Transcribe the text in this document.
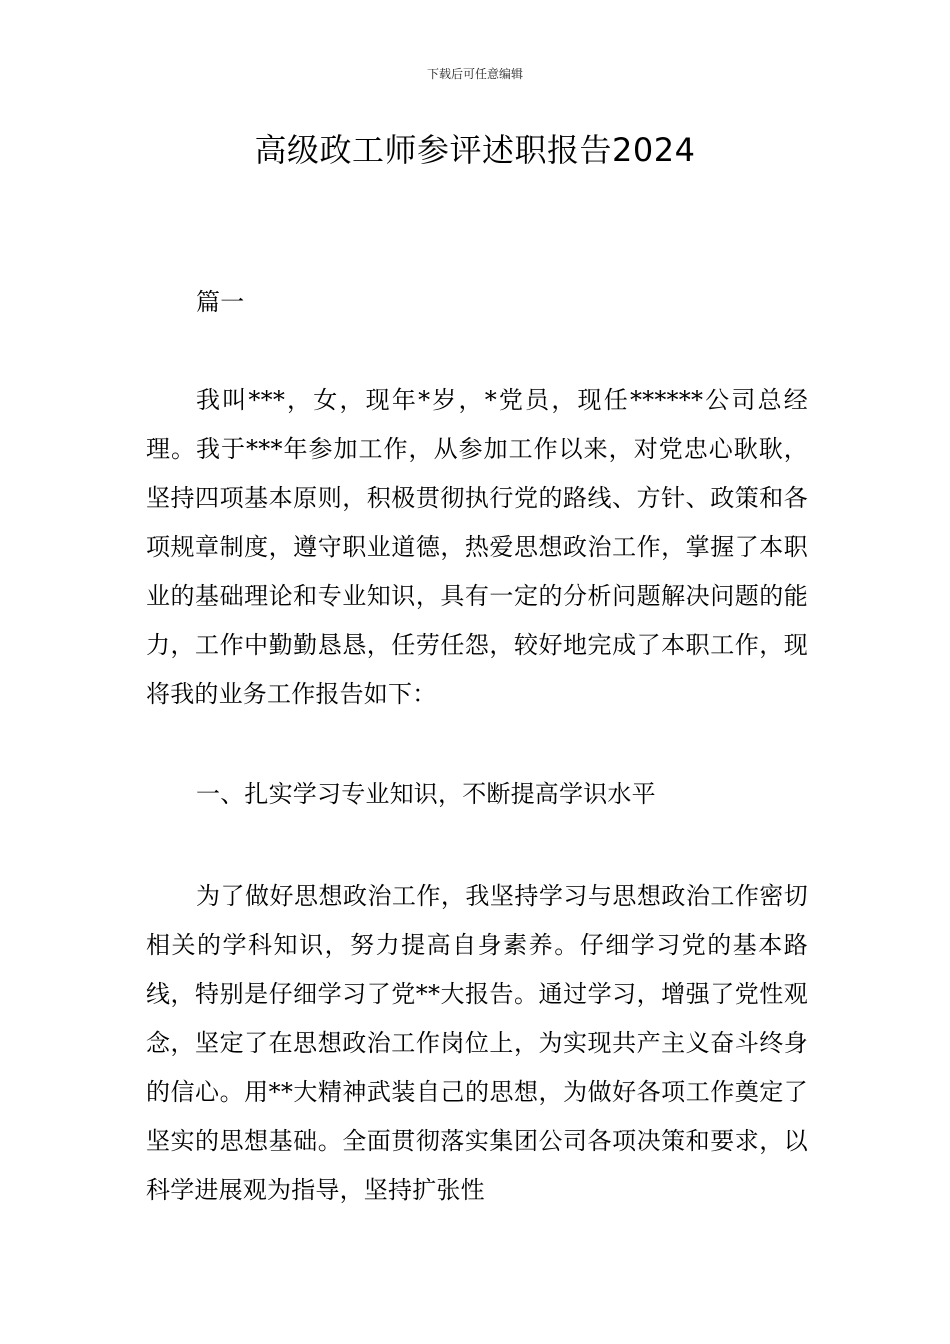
下载后可任意编辑
高级政工师参评述职报告2024

篇一

我叫***，女，现年*岁，*党员，现任******公司总经理。我于***年参加工作，从参加工作以来，对党忠心耿耿，坚持四项基本原则，积极贯彻执行党的路线、方针、政策和各项规章制度，遵守职业道德，热爱思想政治工作，掌握了本职业的基础理论和专业知识，具有一定的分析问题解决问题的能力，工作中勤勤恳恳，任劳任怨，较好地完成了本职工作，现将我的业务工作报告如下：

一、扎实学习专业知识，不断提高学识水平

为了做好思想政治工作，我坚持学习与思想政治工作密切相关的学科知识，努力提高自身素养。仔细学习党的基本路线，特别是仔细学习了党**大报告。通过学习，增强了党性观念，坚定了在思想政治工作岗位上，为实现共产主义奋斗终身的信心。用**大精神武装自己的思想，为做好各项工作奠定了坚实的思想基础。全面贯彻落实集团公司各项决策和要求，以科学进展观为指导，坚持扩张性
